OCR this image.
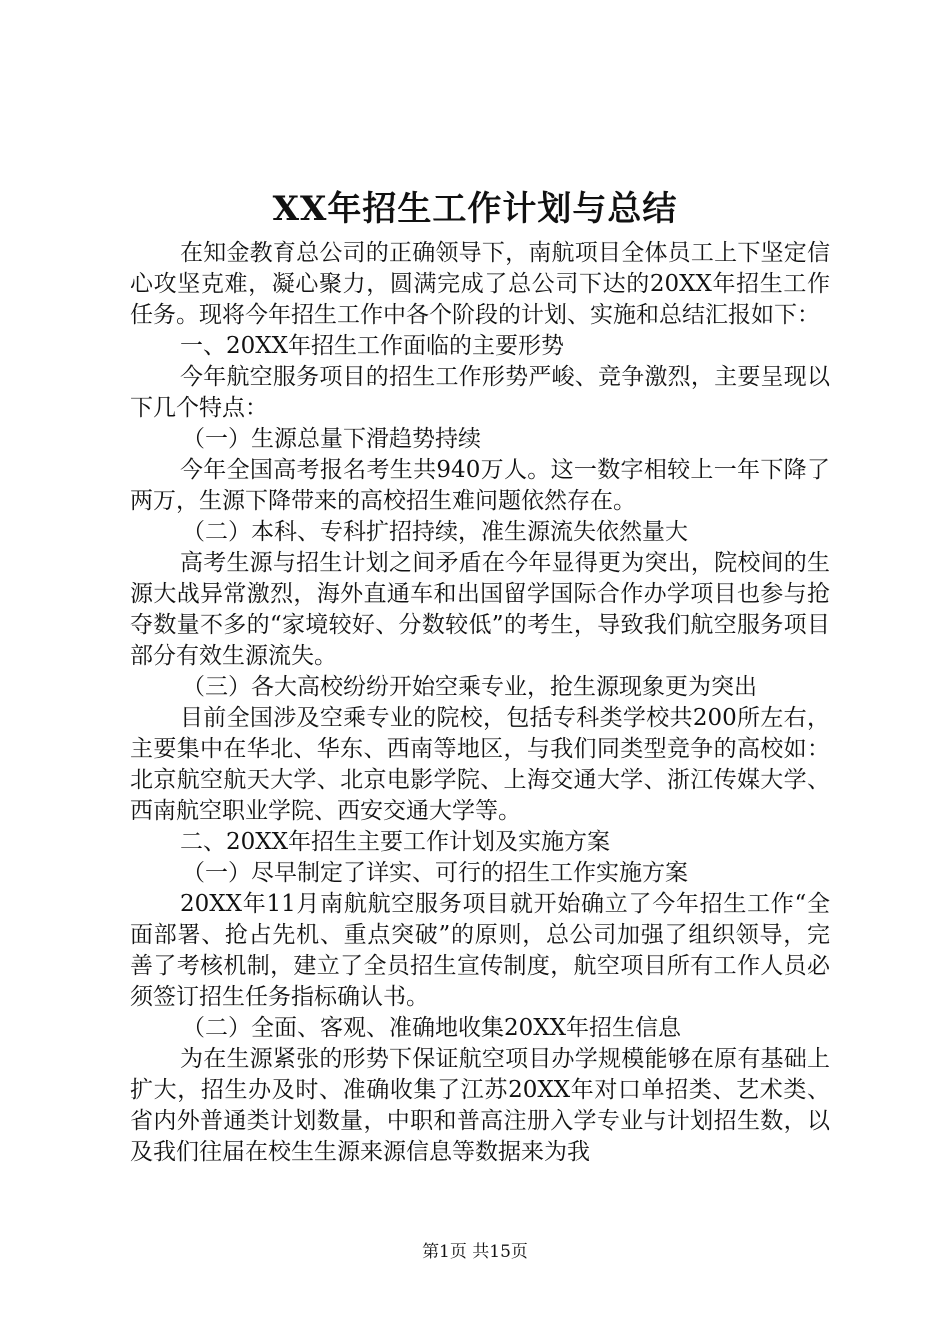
XX年招生工作计划与总结

在知金教育总公司的正确领导下，南航项目全体员工上下坚定信心攻坚克难，凝心聚力，圆满完成了总公司下达的20XX年招生工作任务。现将今年招生工作中各个阶段的计划、实施和总结汇报如下：

一、20XX年招生工作面临的主要形势

今年航空服务项目的招生工作形势严峻、竞争激烈，主要呈现以下几个特点：

（一）生源总量下滑趋势持续

今年全国高考报名考生共940万人。这一数字相较上一年下降了两万，生源下降带来的高校招生难问题依然存在。

（二）本科、专科扩招持续，准生源流失依然量大

高考生源与招生计划之间矛盾在今年显得更为突出，院校间的生源大战异常激烈，海外直通车和出国留学国际合作办学项目也参与抢夺数量不多的“家境较好、分数较低”的考生，导致我们航空服务项目部分有效生源流失。

（三）各大高校纷纷开始空乘专业，抢生源现象更为突出

目前全国涉及空乘专业的院校，包括专科类学校共200所左右，主要集中在华北、华东、西南等地区，与我们同类型竞争的高校如：北京航空航天大学、北京电影学院、上海交通大学、浙江传媒大学、西南航空职业学院、西安交通大学等。

二、20XX年招生主要工作计划及实施方案

（一）尽早制定了详实、可行的招生工作实施方案

20XX年11月南航航空服务项目就开始确立了今年招生工作“全面部署、抢占先机、重点突破”的原则，总公司加强了组织领导，完善了考核机制，建立了全员招生宣传制度，航空项目所有工作人员必须签订招生任务指标确认书。

（二）全面、客观、准确地收集20XX年招生信息

为在生源紧张的形势下保证航空项目办学规模能够在原有基础上扩大，招生办及时、准确收集了江苏20XX年对口单招类、艺术类、省内外普通类计划数量，中职和普高注册入学专业与计划招生数，以及我们往届在校生生源来源信息等数据来为我

第1页 共15页
